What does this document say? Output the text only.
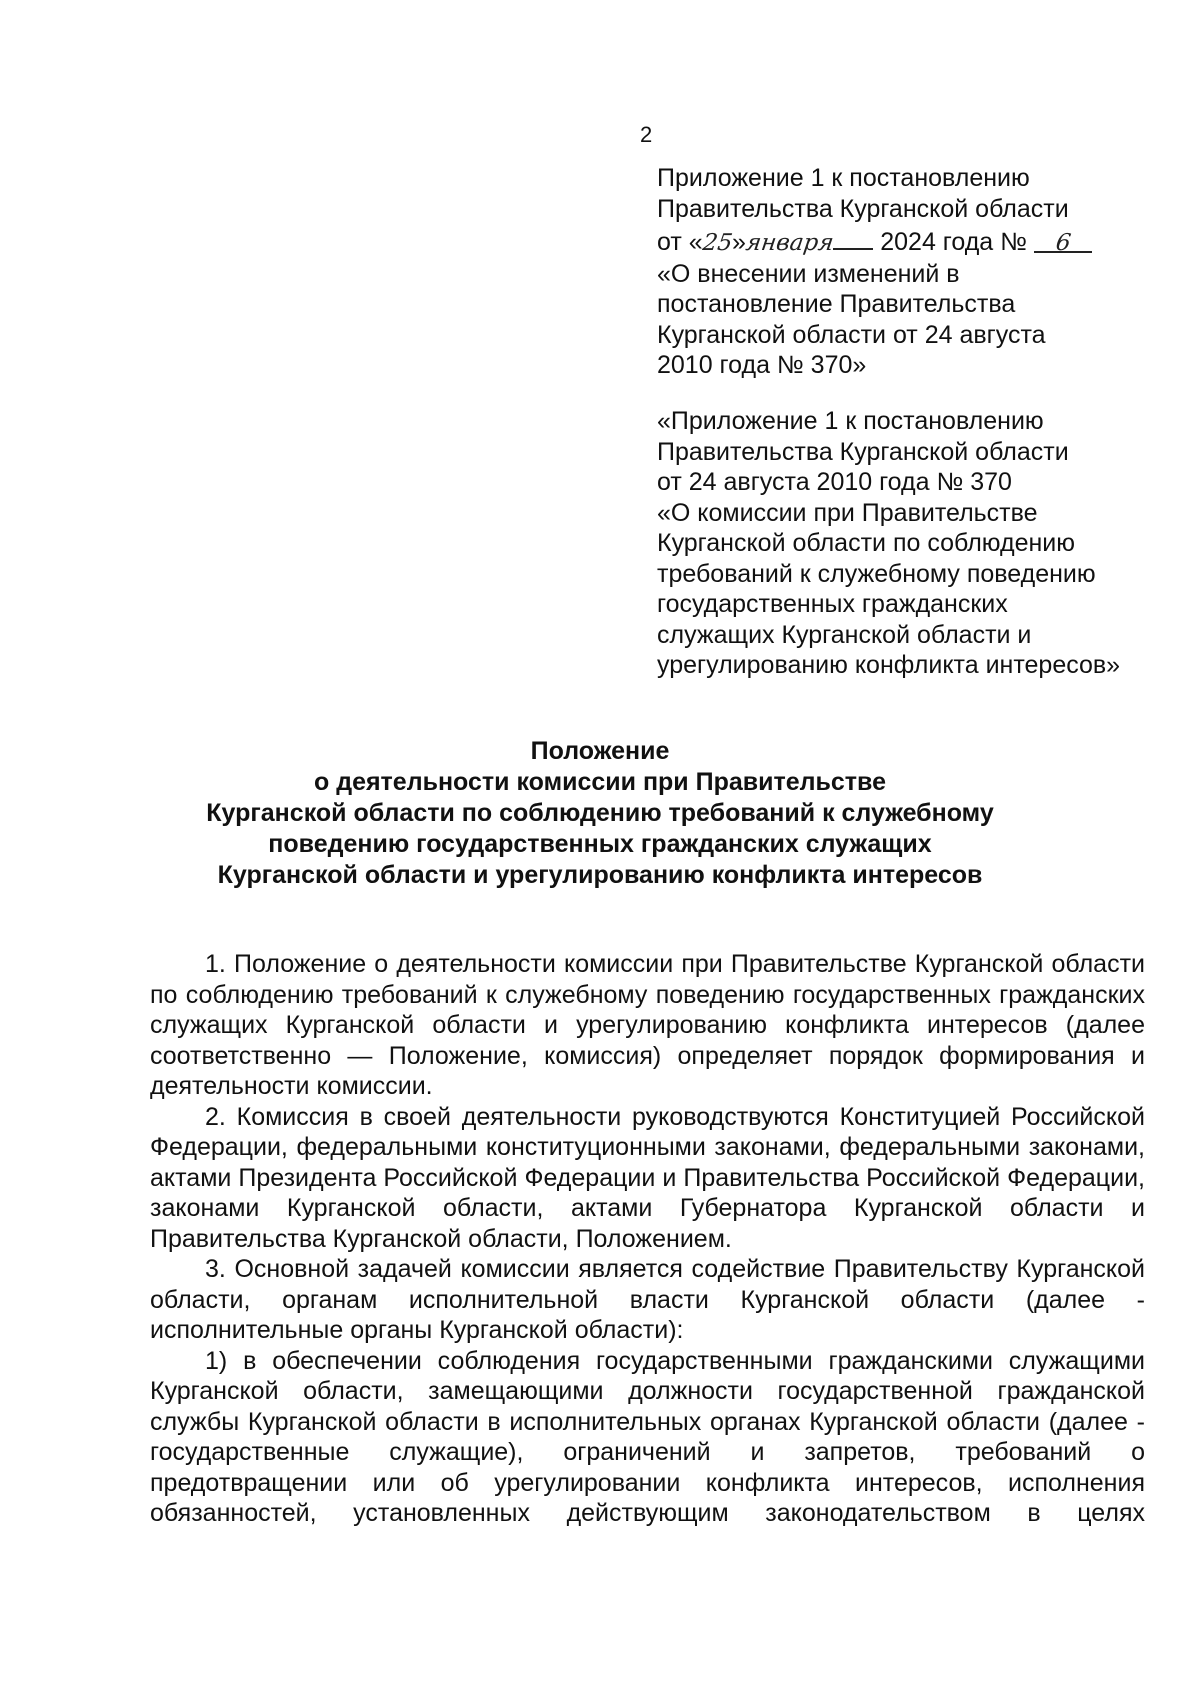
2

Приложение 1 к постановлению

Правительства Курганской области

от «25»января 2024 года № 6

«О внесении изменений в

постановление Правительства

Курганской области от 24 августа

2010 года № 370»

«Приложение 1 к постановлению

Правительства Курганской области

от 24 августа 2010 года № 370

«О комиссии при Правительстве

Курганской области по соблюдению

требований к служебному поведению

государственных гражданских

служащих Курганской области и

урегулированию конфликта интересов»

Положение

о деятельности комиссии при Правительстве

Курганской области по соблюдению требований к служебному

поведению государственных гражданских служащих

Курганской области и урегулированию конфликта интересов

1. Положение о деятельности комиссии при Правительстве Курганской области по соблюдению требований к служебному поведению государственных гражданских служащих Курганской области и урегулированию конфликта интересов (далее соответственно — Положение, комиссия) определяет порядок формирования и деятельности комиссии.

2. Комиссия в своей деятельности руководствуются Конституцией Российской Федерации, федеральными конституционными законами, федеральными законами, актами Президента Российской Федерации и Правительства Российской Федерации, законами Курганской области, актами Губернатора Курганской области и Правительства Курганской области, Положением.

3. Основной задачей комиссии является содействие Правительству Курганской области, органам исполнительной власти Курганской области (далее - исполнительные органы Курганской области):

1) в обеспечении соблюдения государственными гражданскими служащими Курганской области, замещающими должности государственной гражданской службы Курганской области в исполнительных органах Курганской области (далее - государственные служащие), ограничений и запретов, требований о предотвращении или об урегулировании конфликта интересов, исполнения обязанностей, установленных действующим законодательством в целях
